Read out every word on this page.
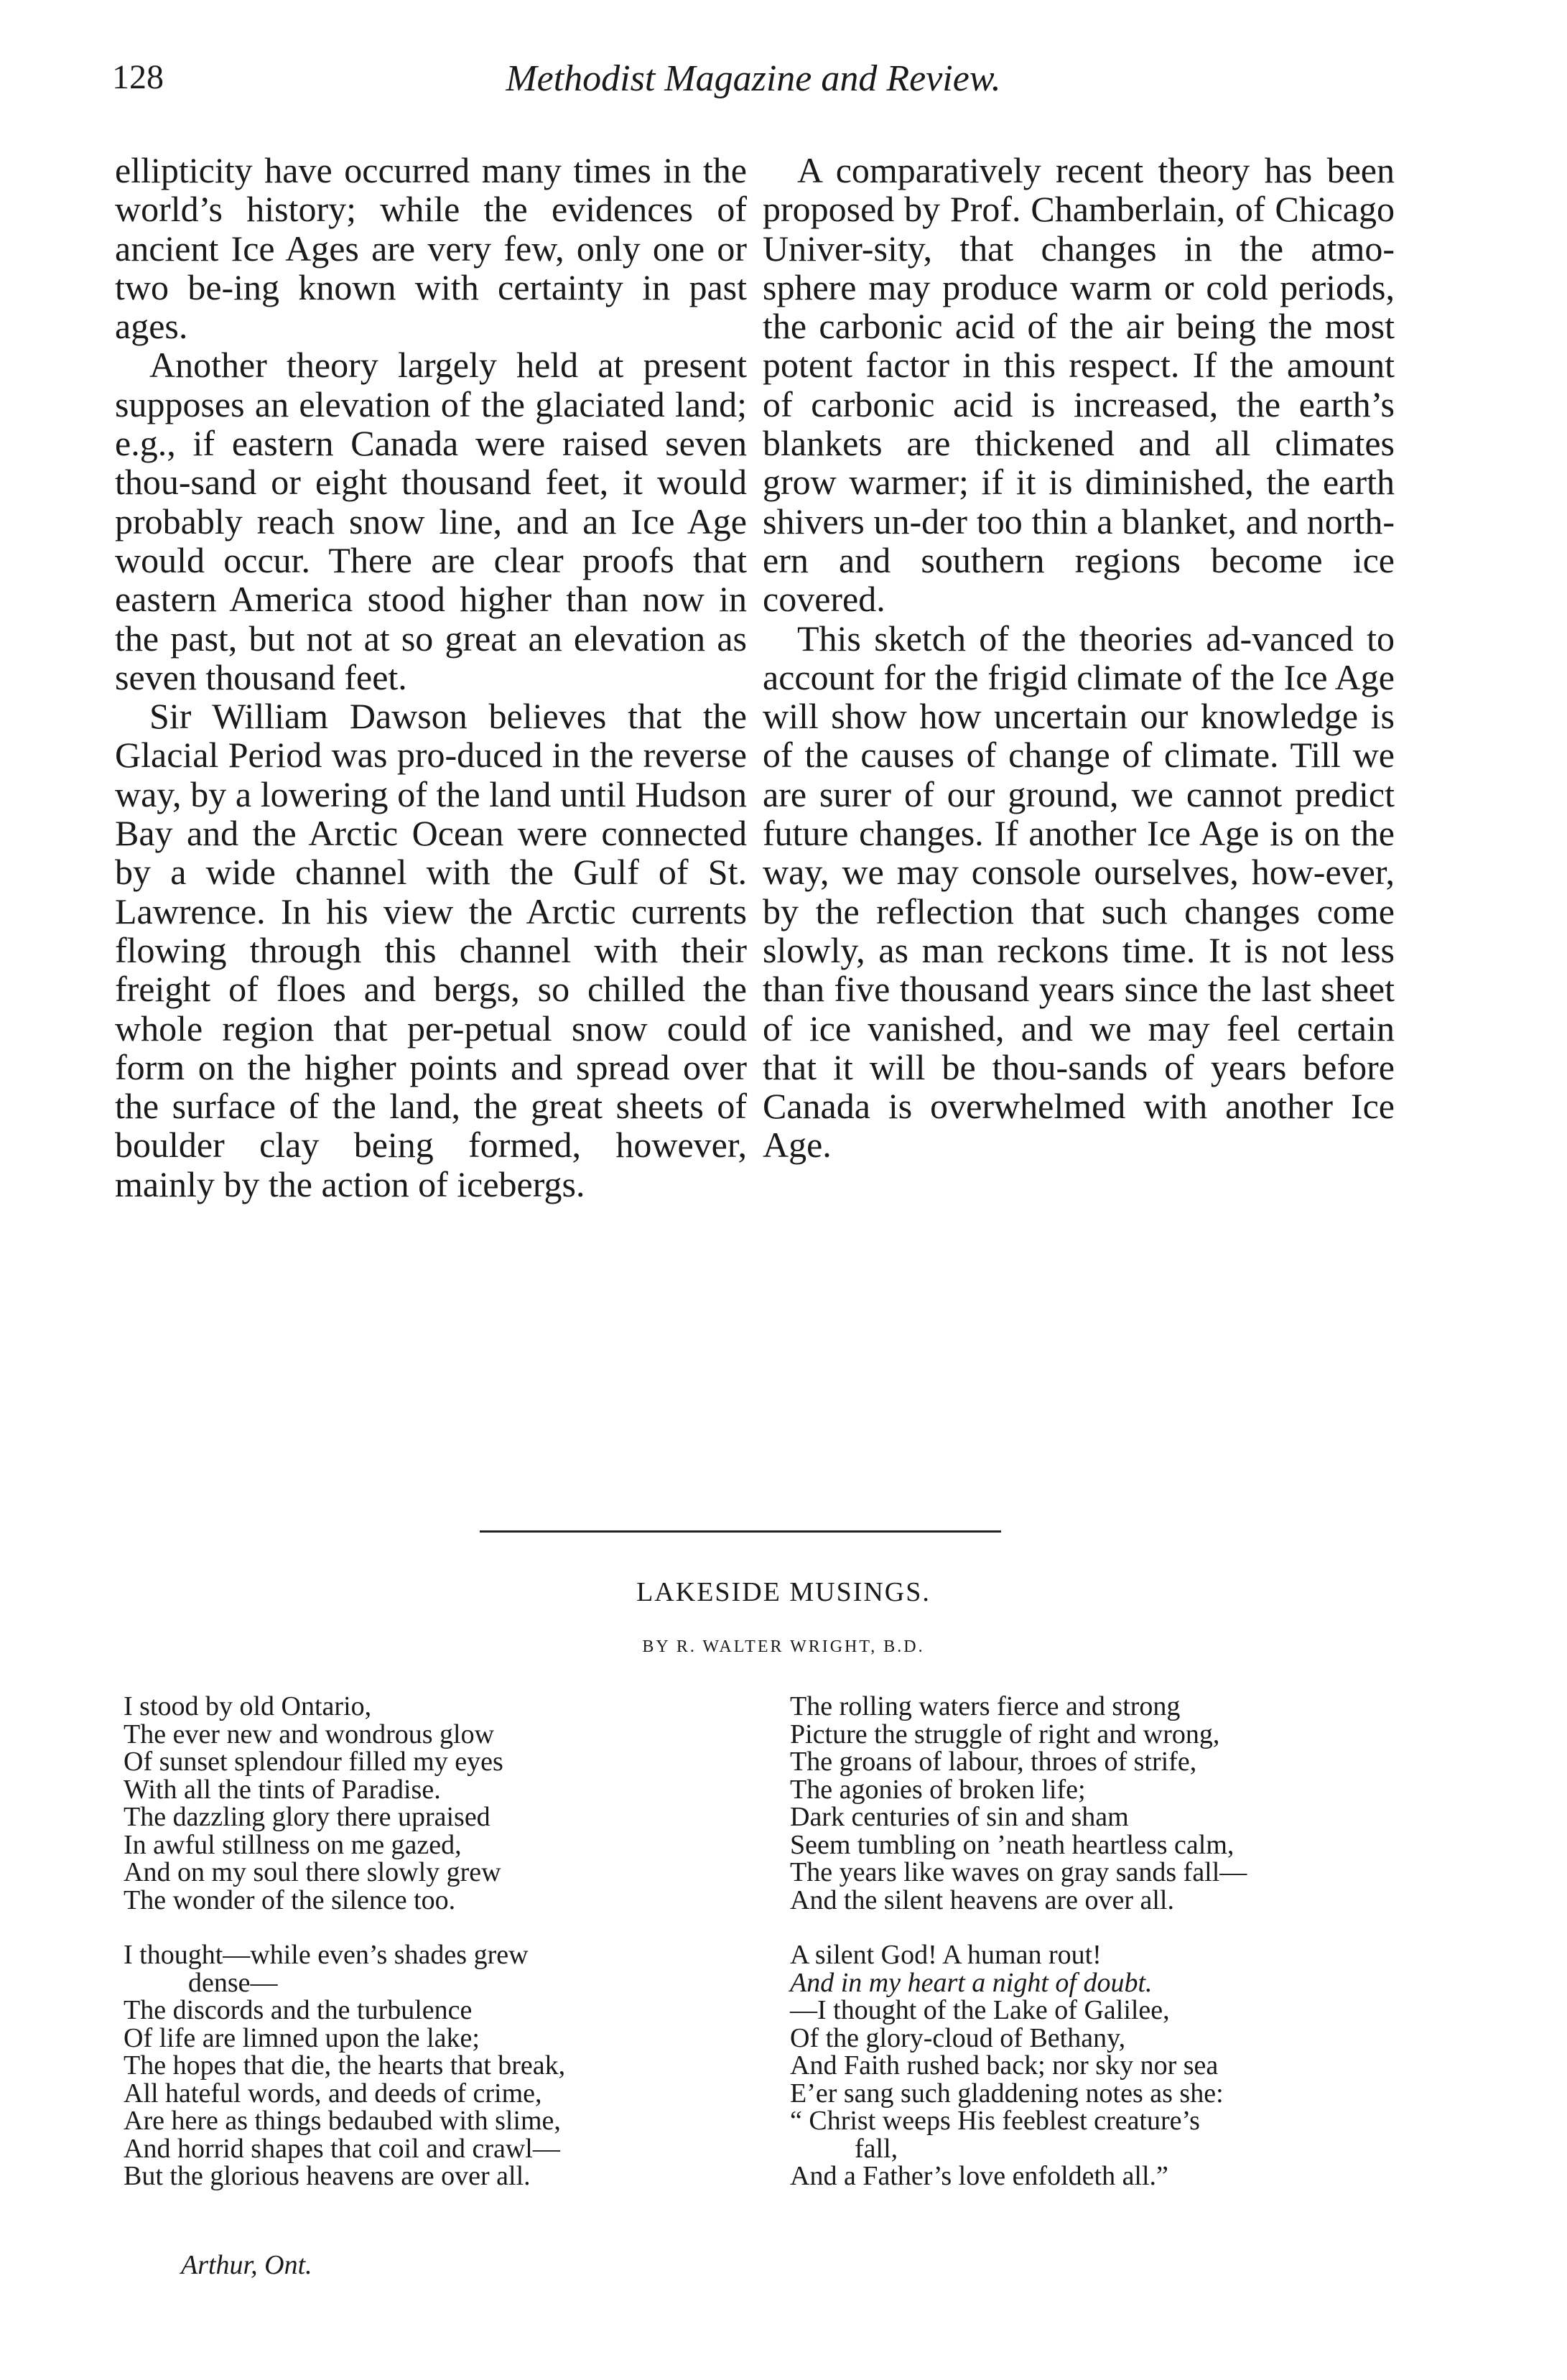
128	Methodist Magazine and Review.

ellipticity have occurred many times in the world’s history; while the evidences of ancient Ice Ages are very few, only one or two be-ing known with certainty in past ages.

Another theory largely held at present supposes an elevation of the glaciated land; e.g., if eastern Canada were raised seven thou-sand or eight thousand feet, it would probably reach snow line, and an Ice Age would occur. There are clear proofs that eastern America stood higher than now in the past, but not at so great an elevation as seven thousand feet.

Sir William Dawson believes that the Glacial Period was pro-duced in the reverse way, by a lowering of the land until Hudson Bay and the Arctic Ocean were connected by a wide channel with the Gulf of St. Lawrence. In his view the Arctic currents flowing through this channel with their freight of floes and bergs, so chilled the whole region that per-petual snow could form on the higher points and spread over the surface of the land, the great sheets of boulder clay being formed, however, mainly by the action of icebergs.

A comparatively recent theory has been proposed by Prof. Chamberlain, of Chicago Univer-sity, that changes in the atmo-sphere may produce warm or cold periods, the carbonic acid of the air being the most potent factor in this respect. If the amount of carbonic acid is increased, the earth’s blankets are thickened and all climates grow warmer; if it is diminished, the earth shivers un-der too thin a blanket, and north-ern and southern regions become ice covered.

This sketch of the theories ad-vanced to account for the frigid climate of the Ice Age will show how uncertain our knowledge is of the causes of change of climate. Till we are surer of our ground, we cannot predict future changes. If another Ice Age is on the way, we may console ourselves, how-ever, by the reflection that such changes come slowly, as man reckons time. It is not less than five thousand years since the last sheet of ice vanished, and we may feel certain that it will be thou-sands of years before Canada is overwhelmed with another Ice Age.

LAKESIDE MUSINGS.
BY R. WALTER WRIGHT, B.D.
I stood by old Ontario,
The ever new and wondrous glow
Of sunset splendour filled my eyes
With all the tints of Paradise.
The dazzling glory there upraised
In awful stillness on me gazed,
And on my soul there slowly grew
The wonder of the silence too.
I thought—while even’s shades grew
dense—
The discords and the turbulence
Of life are limned upon the lake;
The hopes that die, the hearts that break,
All hateful words, and deeds of crime,
Are here as things bedaubed with slime,
And horrid shapes that coil and crawl—
But the glorious heavens are over all.
The rolling waters fierce and strong
Picture the struggle of right and wrong,
The groans of labour, throes of strife,
The agonies of broken life;
Dark centuries of sin and sham
Seem tumbling on ’neath heartless calm,
The years like waves on gray sands fall—
And the silent heavens are over all.
A silent God! A human rout!
And in my heart a night of doubt.
—I thought of the Lake of Galilee,
Of the glory-cloud of Bethany,
And Faith rushed back; nor sky nor sea
E’er sang such gladdening notes as she:
“ Christ weeps His feeblest creature’s
fall,
And a Father’s love enfoldeth all.”
Arthur, Ont.
